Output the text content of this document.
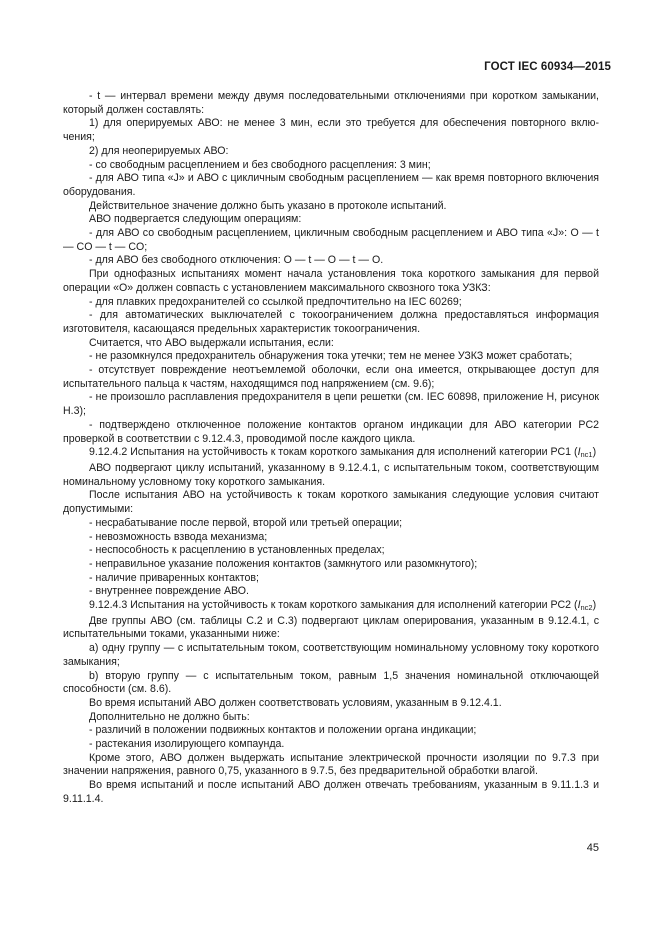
ГОСТ IEC 60934—2015

- t — интервал времени между двумя последовательными отключениями при коротком замыкании, который должен составлять:

1) для оперируемых АВО: не менее 3 мин, если это требуется для обеспечения повторного включения;

2) для неоперируемых АВО:

- со свободным расцеплением и без свободного расцепления: 3 мин;

- для АВО типа «J» и АВО с цикличным свободным расцеплением — как время повторного включения оборудования.

Действительное значение должно быть указано в протоколе испытаний.

АВО подвергается следующим операциям:

- для АВО со свободным расцеплением, цикличным свободным расцеплением и АВО типа «J»: O — t — CO — t — CO;

- для АВО без свободного отключения: O — t — O — t — O.

При однофазных испытаниях момент начала установления тока короткого замыкания для первой операции «O» должен совпасть с установлением максимального сквозного тока УЗКЗ:

- для плавких предохранителей со ссылкой предпочтительно на IEC 60269;

- для автоматических выключателей с токоограничением должна предоставляться информация изготовителя, касающаяся предельных характеристик токоограничения.

Считается, что АВО выдержали испытания, если:

- не разомкнулся предохранитель обнаружения тока утечки; тем не менее УЗКЗ может сработать;

- отсутствует повреждение неотъемлемой оболочки, если она имеется, открывающее доступ для испытательного пальца к частям, находящимся под напряжением (см. 9.6);

- не произошло расплавления предохранителя в цепи решетки (см. IEC 60898, приложение H, рисунок H.3);

- подтверждено отключенное положение контактов органом индикации для АВО категории PC2 проверкой в соответствии с 9.12.4.3, проводимой после каждого цикла.

9.12.4.2 Испытания на устойчивость к токам короткого замыкания для исполнений категории PC1 $(I_{nc1})$

АВО подвергают циклу испытаний, указанному в 9.12.4.1, с испытательным током, соответствующим номинальному условному току короткого замыкания.

После испытания АВО на устойчивость к токам короткого замыкания следующие условия считают допустимыми:

- несрабатывание после первой, второй или третьей операции;

- невозможность взвода механизма;

- неспособность к расцеплению в установленных пределах;

- неправильное указание положения контактов (замкнутого или разомкнутого);

- наличие приваренных контактов;

- внутреннее повреждение АВО.

9.12.4.3 Испытания на устойчивость к токам короткого замыкания для исполнений категории PC2 $(I_{nc2})$

Две группы АВО (см. таблицы C.2 и C.3) подвергают циклам оперирования, указанным в 9.12.4.1, с испытательными токами, указанными ниже:

a) одну группу — с испытательным током, соответствующим номинальному условному току короткого замыкания;

b) вторую группу — с испытательным током, равным 1,5 значения номинальной отключающей способности (см. 8.6).

Во время испытаний АВО должен соответствовать условиям, указанным в 9.12.4.1.

Дополнительно не должно быть:

- различий в положении подвижных контактов и положении органа индикации;

- растекания изолирующего компаунда.

Кроме этого, АВО должен выдержать испытание электрической прочности изоляции по 9.7.3 при значении напряжения, равного 0,75, указанного в 9.7.5, без предварительной обработки влагой.

Во время испытаний и после испытаний АВО должен отвечать требованиям, указанным в 9.11.1.3 и 9.11.1.4.

45
